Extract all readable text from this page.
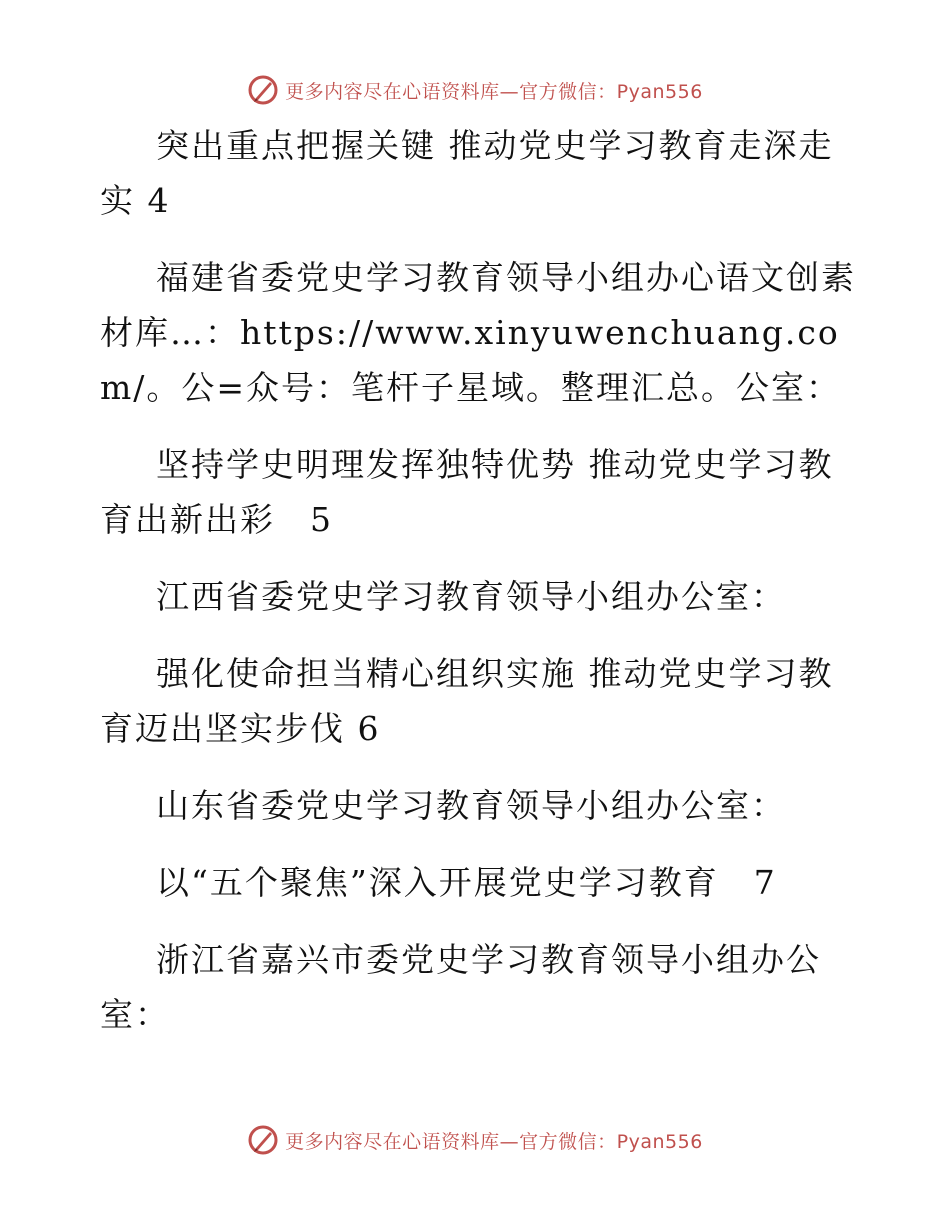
更多内容尽在心语资料库—官方微信：Pyan556

突出重点把握关键 推动党史学习教育走深走实 4

福建省委党史学习教育领导小组办心语文创素材库…：https://www.xinyuwenchuang.com/。公=众号：笔杆子星域。整理汇总。公室：

坚持学史明理发挥独特优势 推动党史学习教育出新出彩　5

江西省委党史学习教育领导小组办公室：

强化使命担当精心组织实施 推动党史学习教育迈出坚实步伐 6

山东省委党史学习教育领导小组办公室：

以“五个聚焦”深入开展党史学习教育　7

浙江省嘉兴市委党史学习教育领导小组办公室：

更多内容尽在心语资料库—官方微信：Pyan556
